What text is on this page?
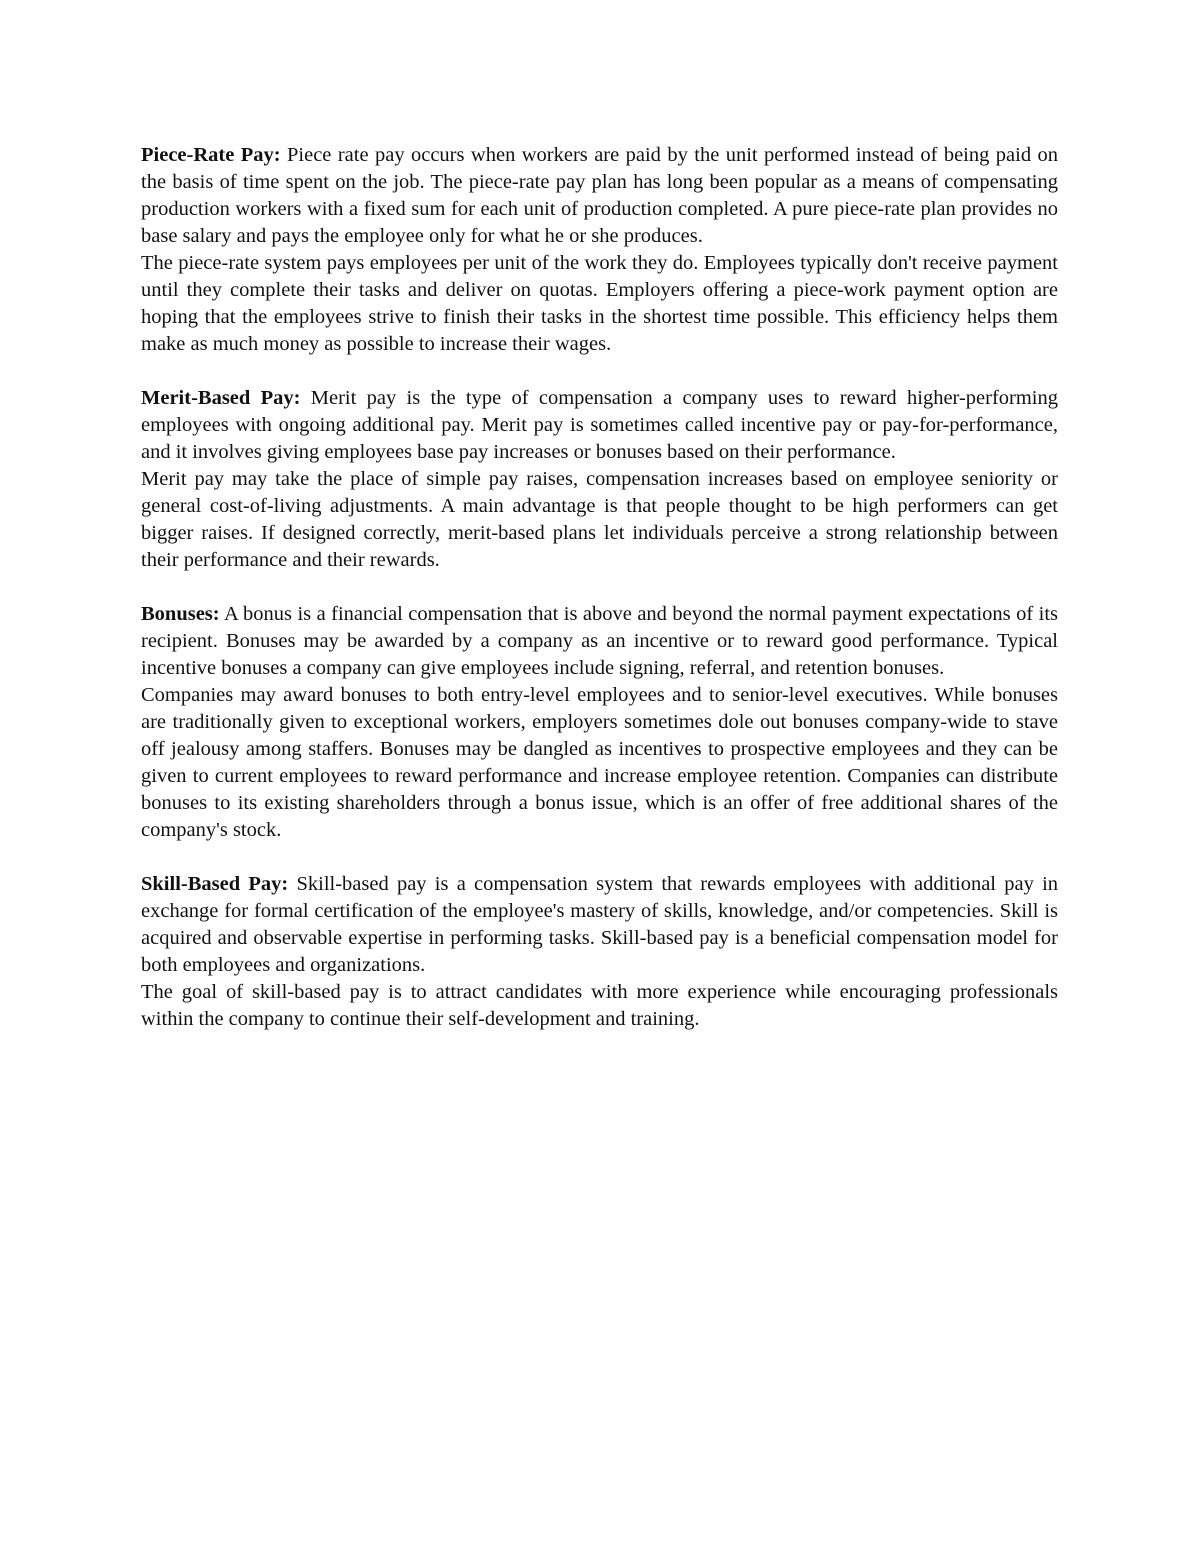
Piece-Rate Pay: Piece rate pay occurs when workers are paid by the unit performed instead of being paid on the basis of time spent on the job. The piece-rate pay plan has long been popular as a means of compensating production workers with a fixed sum for each unit of production completed. A pure piece-rate plan provides no base salary and pays the employee only for what he or she produces.

The piece-rate system pays employees per unit of the work they do. Employees typically don't receive payment until they complete their tasks and deliver on quotas. Employers offering a piece-work payment option are hoping that the employees strive to finish their tasks in the shortest time possible. This efficiency helps them make as much money as possible to increase their wages.

Merit-Based Pay: Merit pay is the type of compensation a company uses to reward higher-performing employees with ongoing additional pay. Merit pay is sometimes called incentive pay or pay-for-performance, and it involves giving employees base pay increases or bonuses based on their performance.

Merit pay may take the place of simple pay raises, compensation increases based on employee seniority or general cost-of-living adjustments. A main advantage is that people thought to be high performers can get bigger raises. If designed correctly, merit-based plans let individuals perceive a strong relationship between their performance and their rewards.

Bonuses: A bonus is a financial compensation that is above and beyond the normal payment expectations of its recipient. Bonuses may be awarded by a company as an incentive or to reward good performance. Typical incentive bonuses a company can give employees include signing, referral, and retention bonuses.

Companies may award bonuses to both entry-level employees and to senior-level executives. While bonuses are traditionally given to exceptional workers, employers sometimes dole out bonuses company-wide to stave off jealousy among staffers. Bonuses may be dangled as incentives to prospective employees and they can be given to current employees to reward performance and increase employee retention. Companies can distribute bonuses to its existing shareholders through a bonus issue, which is an offer of free additional shares of the company's stock.

Skill-Based Pay: Skill-based pay is a compensation system that rewards employees with additional pay in exchange for formal certification of the employee's mastery of skills, knowledge, and/or competencies. Skill is acquired and observable expertise in performing tasks. Skill-based pay is a beneficial compensation model for both employees and organizations.

The goal of skill-based pay is to attract candidates with more experience while encouraging professionals within the company to continue their self-development and training.
